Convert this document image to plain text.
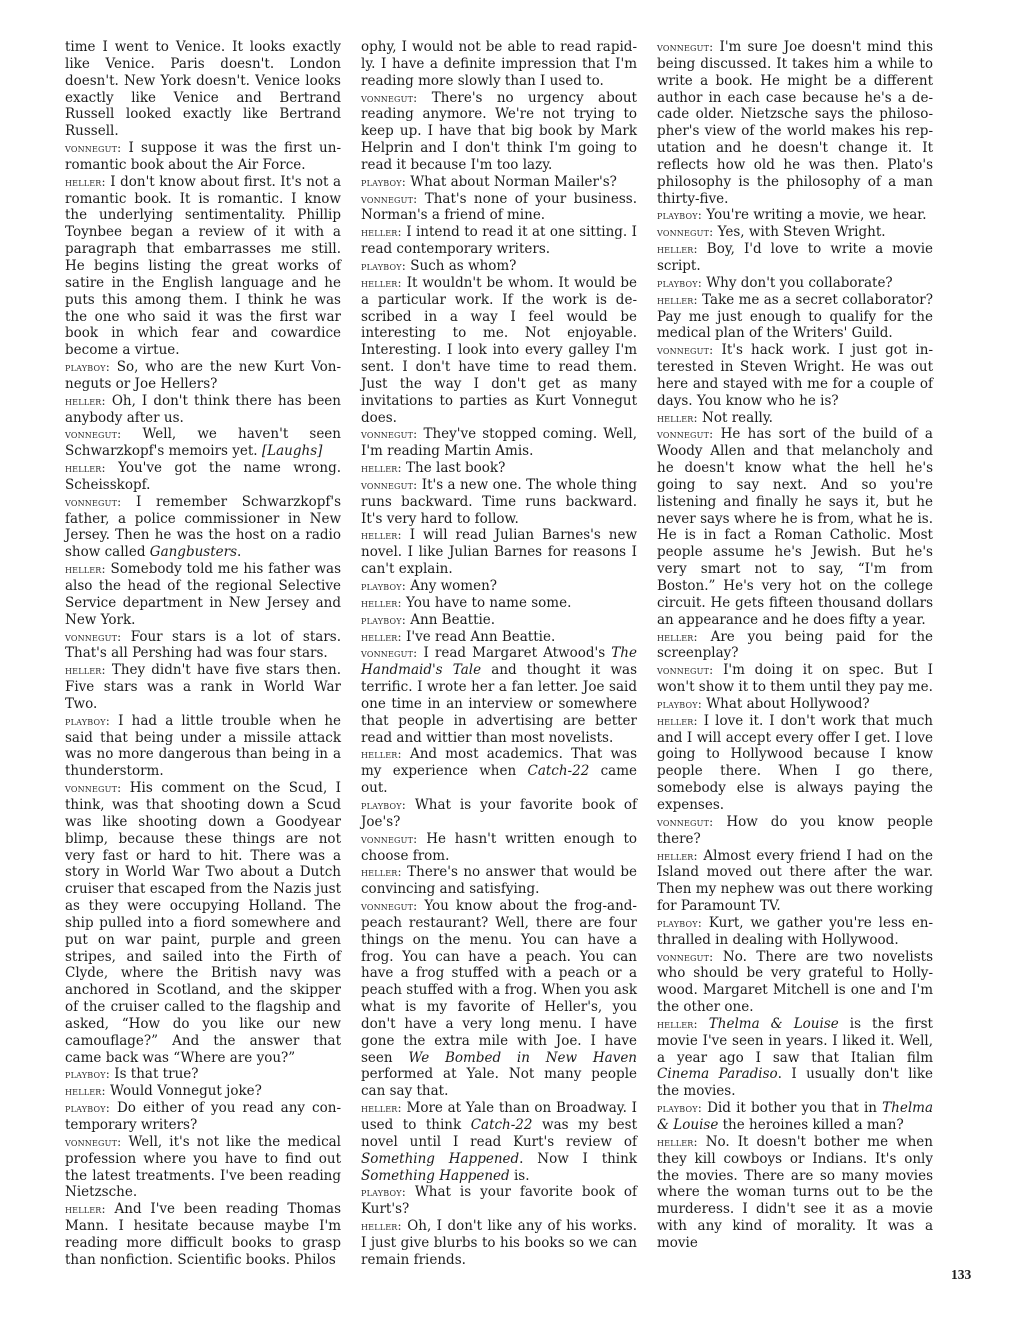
time I went to Venice. It looks exactly like Venice. Paris doesn't. London doesn't. New York doesn't. Venice looks exactly like Venice and Bertrand Russell looked exactly like Bertrand Russell.

vonnegut: I suppose it was the first unromantic book about the Air Force.

heller: I don't know about first. It's not a romantic book. It is romantic. I know the underlying sentimentality. Phillip Toynbee began a review of it with a paragraph that embarrasses me still. He begins listing the great works of satire in the English language and he puts this among them. I think he was the one who said it was the first war book in which fear and cowardice become a virtue.

playboy: So, who are the new Kurt Vonneguts or Joe Hellers?

heller: Oh, I don't think there has been anybody after us.

vonnegut: Well, we haven't seen Schwarzkopf's memoirs yet. [Laughs]

heller: You've got the name wrong. Scheisskopf.

vonnegut: I remember Schwarzkopf's father, a police commissioner in New Jersey. Then he was the host on a radio show called Gangbusters.

heller: Somebody told me his father was also the head of the regional Selective Service department in New Jersey and New York.

vonnegut: Four stars is a lot of stars. That's all Pershing had was four stars.

heller: They didn't have five stars then. Five stars was a rank in World War Two.

playboy: I had a little trouble when he said that being under a missile attack was no more dangerous than being in a thunderstorm.

vonnegut: His comment on the Scud, I think, was that shooting down a Scud was like shooting down a Goodyear blimp, because these things are not very fast or hard to hit. There was a story in World War Two about a Dutch cruiser that escaped from the Nazis just as they were occupying Holland. The ship pulled into a fiord somewhere and put on war paint, purple and green stripes, and sailed into the Firth of Clyde, where the British navy was anchored in Scotland, and the skipper of the cruiser called to the flagship and asked, “How do you like our new camouflage?” And the answer that came back was “Where are you?”

playboy: Is that true?

heller: Would Vonnegut joke?

playboy: Do either of you read any contemporary writers?

vonnegut: Well, it's not like the medical profession where you have to find out the latest treatments. I've been reading Nietzsche.

heller: And I've been reading Thomas Mann. I hesitate because maybe I'm reading more difficult books to grasp than nonfiction. Scientific books. Philos

ophy, I would not be able to read rapidly. I have a definite impression that I'm reading more slowly than I used to.

vonnegut: There's no urgency about reading anymore. We're not trying to keep up. I have that big book by Mark Helprin and I don't think I'm going to read it because I'm too lazy.

playboy: What about Norman Mailer's?

vonnegut: That's none of your business. Norman's a friend of mine.

heller: I intend to read it at one sitting. I read contemporary writers.

playboy: Such as whom?

heller: It wouldn't be whom. It would be a particular work. If the work is described in a way I feel would be interesting to me. Not enjoyable. Interesting. I look into every galley I'm sent. I don't have time to read them. Just the way I don't get as many invitations to parties as Kurt Vonnegut does.

vonnegut: They've stopped coming. Well, I'm reading Martin Amis.

heller: The last book?

vonnegut: It's a new one. The whole thing runs backward. Time runs backward. It's very hard to follow.

heller: I will read Julian Barnes's new novel. I like Julian Barnes for reasons I can't explain.

playboy: Any women?

heller: You have to name some.

playboy: Ann Beattie.

heller: I've read Ann Beattie.

vonnegut: I read Margaret Atwood's The Handmaid's Tale and thought it was terrific. I wrote her a fan letter. Joe said one time in an interview or somewhere that people in advertising are better read and wittier than most novelists.

heller: And most academics. That was my experience when Catch-22 came out.

playboy: What is your favorite book of Joe's?

vonnegut: He hasn't written enough to choose from.

heller: There's no answer that would be convincing and satisfying.

vonnegut: You know about the frog-and-peach restaurant? Well, there are four things on the menu. You can have a frog. You can have a peach. You can have a frog stuffed with a peach or a peach stuffed with a frog. When you ask what is my favorite of Heller's, you don't have a very long menu. I have gone the extra mile with Joe. I have seen We Bombed in New Haven performed at Yale. Not many people can say that.

heller: More at Yale than on Broadway. I used to think Catch-22 was my best novel until I read Kurt's review of Something Happened. Now I think Something Happened is.

playboy: What is your favorite book of Kurt's?

heller: Oh, I don't like any of his works. I just give blurbs to his books so we can remain friends.

vonnegut: I'm sure Joe doesn't mind this being discussed. It takes him a while to write a book. He might be a different author in each case because he's a decade older. Nietzsche says the philosopher's view of the world makes his reputation and he doesn't change it. It reflects how old he was then. Plato's philosophy is the philosophy of a man thirty-five.

playboy: You're writing a movie, we hear.

vonnegut: Yes, with Steven Wright.

heller: Boy, I'd love to write a movie script.

playboy: Why don't you collaborate?

heller: Take me as a secret collaborator? Pay me just enough to qualify for the medical plan of the Writers' Guild.

vonnegut: It's hack work. I just got interested in Steven Wright. He was out here and stayed with me for a couple of days. You know who he is?

heller: Not really.

vonnegut: He has sort of the build of a Woody Allen and that melancholy and he doesn't know what the hell he's going to say next. And so you're listening and finally he says it, but he never says where he is from, what he is. He is in fact a Roman Catholic. Most people assume he's Jewish. But he's very smart not to say, “I'm from Boston.” He's very hot on the college circuit. He gets fifteen thousand dollars an appearance and he does fifty a year.

heller: Are you being paid for the screenplay?

vonnegut: I'm doing it on spec. But I won't show it to them until they pay me.

playboy: What about Hollywood?

heller: I love it. I don't work that much and I will accept every offer I get. I love going to Hollywood because I know people there. When I go there, somebody else is always paying the expenses.

vonnegut: How do you know people there?

heller: Almost every friend I had on the Island moved out there after the war. Then my nephew was out there working for Paramount TV.

playboy: Kurt, we gather you're less enthralled in dealing with Hollywood.

vonnegut: No. There are two novelists who should be very grateful to Hollywood. Margaret Mitchell is one and I'm the other one.

heller: Thelma & Louise is the first movie I've seen in years. I liked it. Well, a year ago I saw that Italian film Cinema Paradiso. I usually don't like the movies.

playboy: Did it bother you that in Thelma & Louise the heroines killed a man?

heller: No. It doesn't bother me when they kill cowboys or Indians. It's only the movies. There are so many movies where the woman turns out to be the murderess. I didn't see it as a movie with any kind of morality. It was a movie

133
